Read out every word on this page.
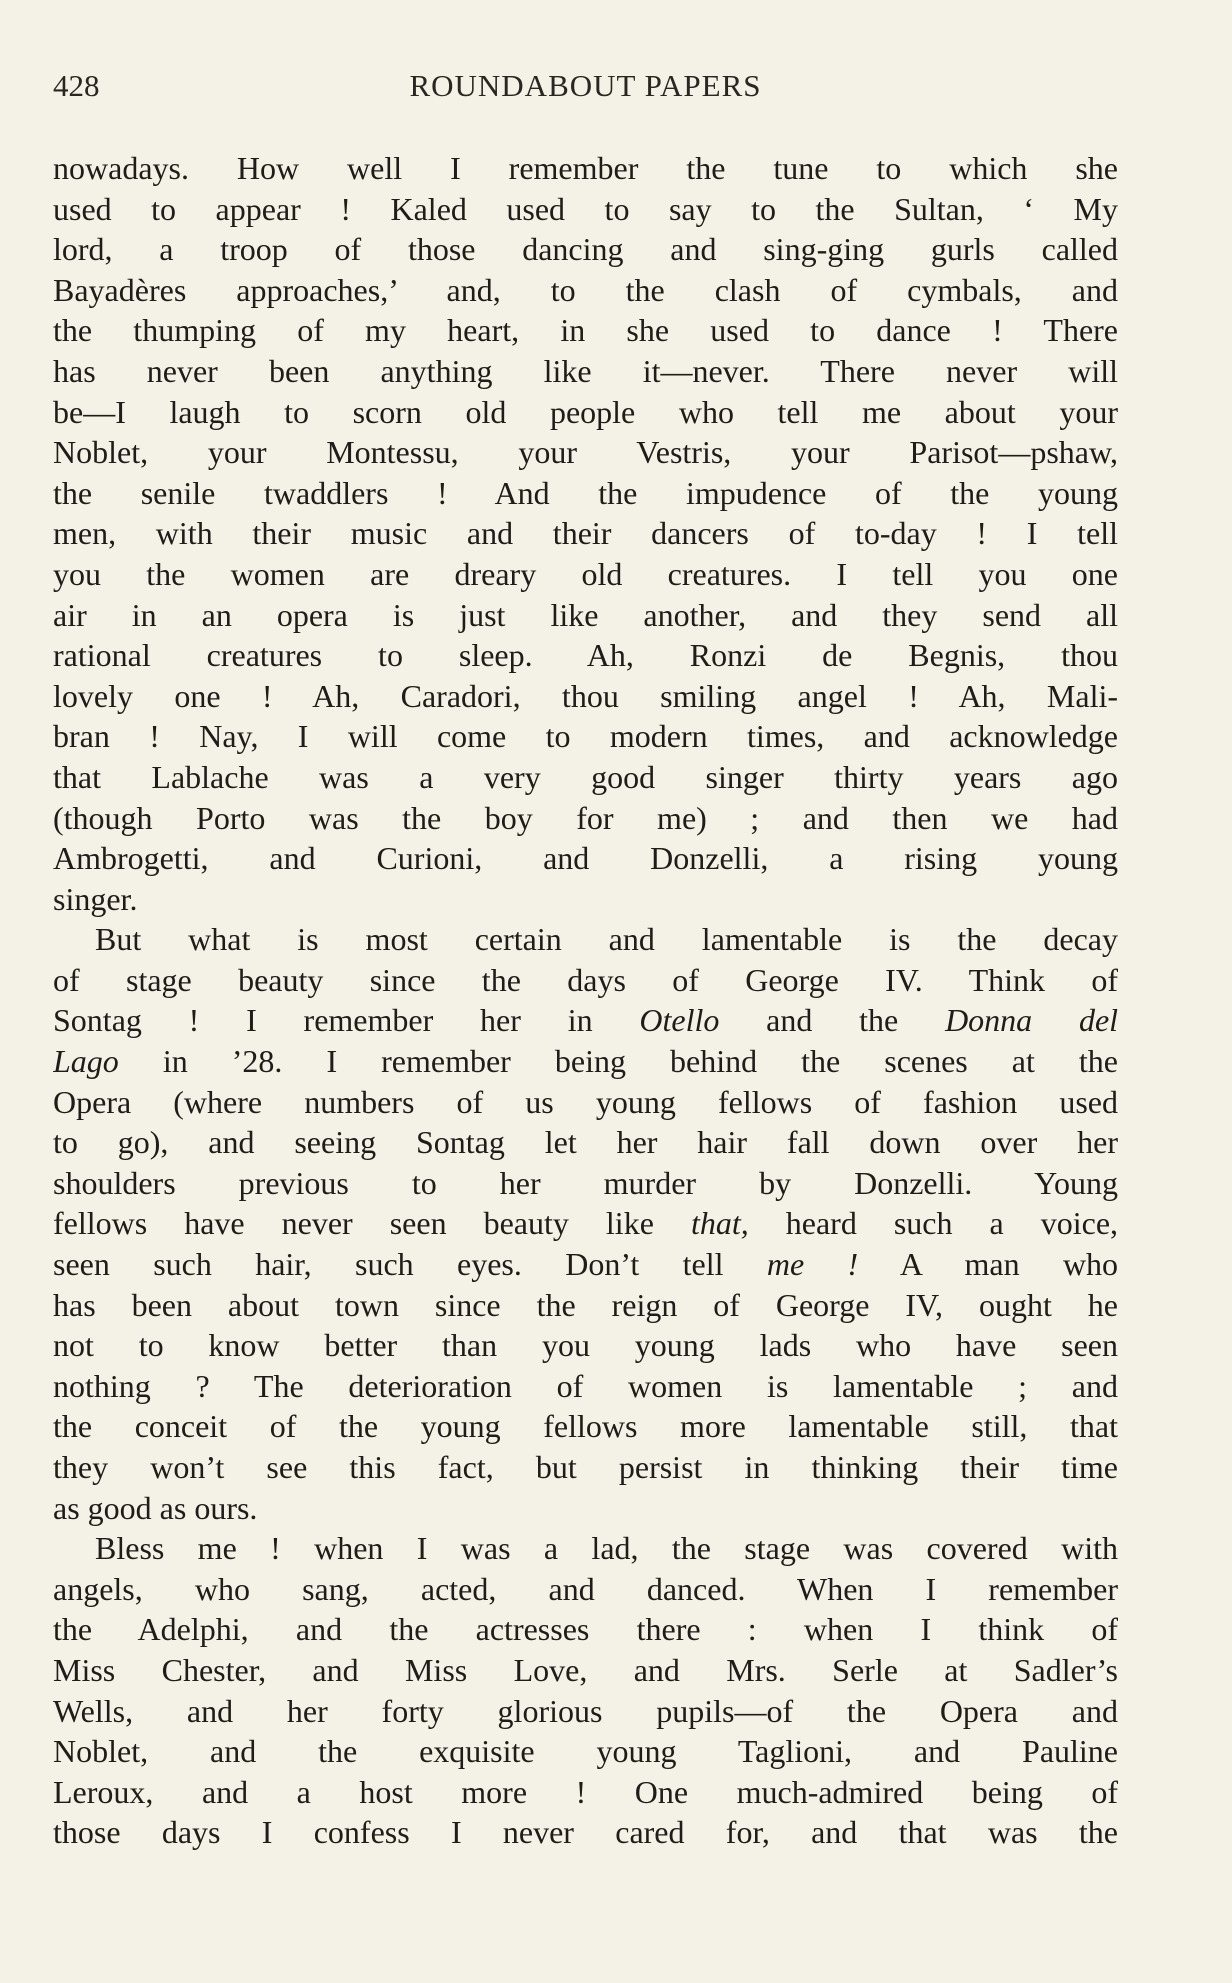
428	ROUNDABOUT PAPERS
nowadays. How well I remember the tune to which she
used to appear ! Kaled used to say to the Sultan, ‘ My
lord, a troop of those dancing and sing-ging gurls called
Bayadères approaches,’ and, to the clash of cymbals, and
the thumping of my heart, in she used to dance ! There
has never been anything like it—never. There never will
be—I laugh to scorn old people who tell me about your
Noblet, your Montessu, your Vestris, your Parisot—pshaw,
the senile twaddlers ! And the impudence of the young
men, with their music and their dancers of to-day ! I tell
you the women are dreary old creatures. I tell you one
air in an opera is just like another, and they send all
rational creatures to sleep. Ah, Ronzi de Begnis, thou
lovely one ! Ah, Caradori, thou smiling angel ! Ah, Mali-
bran ! Nay, I will come to modern times, and acknowledge
that Lablache was a very good singer thirty years ago
(though Porto was the boy for me) ; and then we had
Ambrogetti, and Curioni, and Donzelli, a rising young
singer.
But what is most certain and lamentable is the decay
of stage beauty since the days of George IV. Think of
Sontag ! I remember her in Otello and the Donna del
Lago in ’28. I remember being behind the scenes at the
Opera (where numbers of us young fellows of fashion used
to go), and seeing Sontag let her hair fall down over her
shoulders previous to her murder by Donzelli. Young
fellows have never seen beauty like that, heard such a voice,
seen such hair, such eyes. Don’t tell me ! A man who
has been about town since the reign of George IV, ought he
not to know better than you young lads who have seen
nothing ? The deterioration of women is lamentable ; and
the conceit of the young fellows more lamentable still, that
they won’t see this fact, but persist in thinking their time
as good as ours.
Bless me ! when I was a lad, the stage was covered with
angels, who sang, acted, and danced. When I remember
the Adelphi, and the actresses there : when I think of
Miss Chester, and Miss Love, and Mrs. Serle at Sadler’s
Wells, and her forty glorious pupils—of the Opera and
Noblet, and the exquisite young Taglioni, and Pauline
Leroux, and a host more ! One much-admired being of
those days I confess I never cared for, and that was the
